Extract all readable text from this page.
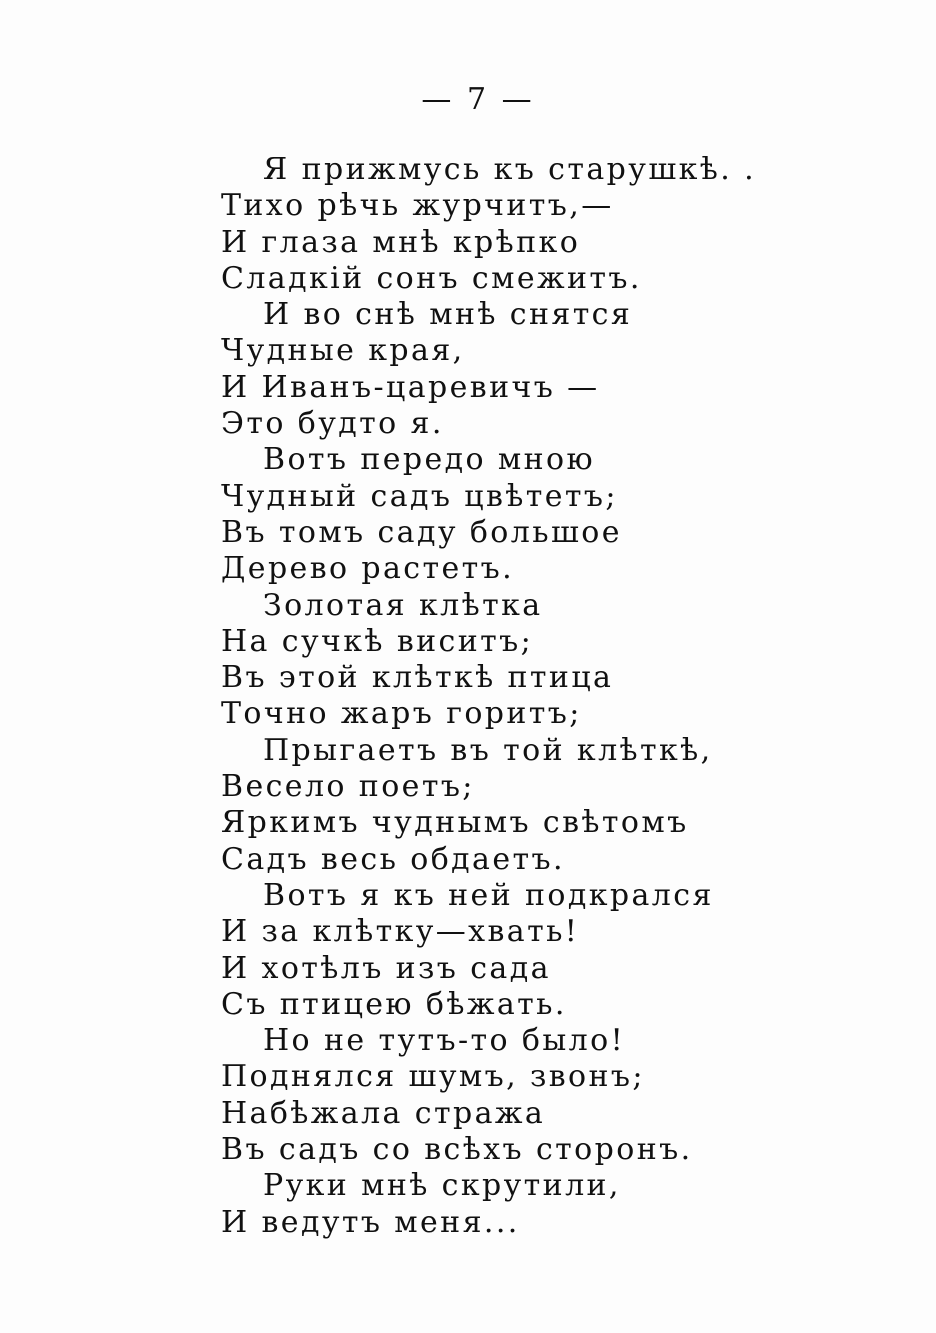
— 7 —
Я прижмусь къ старушкѣ. .
Тихо рѣчь журчитъ,—
И глаза мнѣ крѣпко
Сладкій сонъ смежитъ.
И во снѣ мнѣ снятся
Чудные края,
И Иванъ-царевичъ —
Это будто я.
Вотъ передо мною
Чудный садъ цвѣтетъ;
Въ томъ саду большое
Дерево растетъ.
Золотая клѣтка
На сучкѣ виситъ;
Въ этой клѣткѣ птица
Точно жаръ горитъ;
Прыгаетъ въ той клѣткѣ,
Весело поетъ;
Яркимъ чуднымъ свѣтомъ
Садъ весь обдаетъ.
Вотъ я къ ней подкрался
И за клѣтку—хвать!
И хотѣлъ изъ сада
Съ птицею бѣжать.
Но не тутъ-то было!
Поднялся шумъ, звонъ;
Набѣжала стража
Въ садъ со всѣхъ сторонъ.
Руки мнѣ скрутили,
И ведутъ меня...
